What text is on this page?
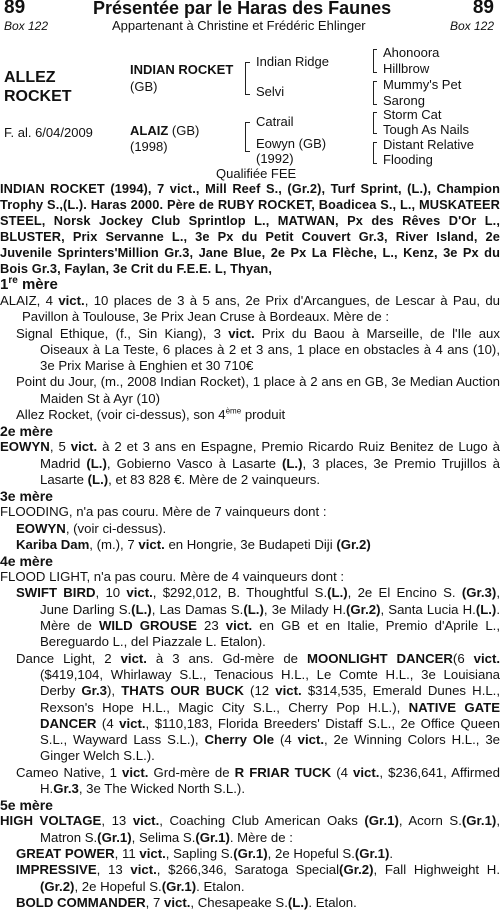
89	Présentée par le Haras des Faunes	89
Box 122	Appartenant à Christine et Frédéric Ehlinger	Box 122
ALLEZ
ROCKET
F. al. 6/04/2009
INDIAN ROCKET
(GB)
ALAIZ (GB)
(1998)
Indian Ridge
Selvi
Catrail
Eowyn (GB)
(1992)
Ahonoora
Hillbrow
Mummy's Pet
Sarong
Storm Cat
Tough As Nails
Distant Relative
Flooding
Qualifiée FEE
INDIAN ROCKET (1994), 7 vict., Mill Reef S., (Gr.2), Turf Sprint, (L.), Champion Trophy S.,(L.). Haras 2000. Père de RUBY ROCKET, Boadicea S., L., MUSKATEER STEEL, Norsk Jockey Club Sprintlop L., MATWAN, Px des Rêves D'Or L., BLUSTER, Prix Servanne L., 3e Px du Petit Couvert Gr.3, River Island, 2e Juvenile Sprinters'Million Gr.3, Jane Blue, 2e Px La Flèche, L., Kenz, 3e Px du Bois Gr.3, Faylan, 3e Crit du F.E.E. L, Thyan,
1re mère
ALAIZ, 4 vict., 10 places de 3 à 5 ans, 2e Prix d'Arcangues, de Lescar à Pau, du Pavillon à Toulouse, 3e Prix Jean Cruse à Bordeaux. Mère de :
Signal Ethique, (f., Sin Kiang), 3 vict. Prix du Baou à Marseille, de l'Ile aux Oiseaux à La Teste, 6 places à 2 et 3 ans, 1 place en obstacles à 4 ans (10), 3e Prix Marise à Enghien et 30 710€
Point du Jour, (m., 2008 Indian Rocket), 1 place à 2 ans en GB, 3e Median Auction Maiden St à Ayr (10)
Allez Rocket, (voir ci-dessus), son 4ème produit
2e mère
EOWYN, 5 vict. à 2 et 3 ans en Espagne, Premio Ricardo Ruiz Benitez de Lugo à Madrid (L.), Gobierno Vasco à Lasarte (L.), 3 places, 3e Premio Trujillos à Lasarte (L.), et 83 828 €. Mère de 2 vainqueurs.
3e mère
FLOODING, n'a pas couru. Mère de 7 vainqueurs dont :
EOWYN, (voir ci-dessus).
Kariba Dam, (m.), 7 vict. en Hongrie, 3e Budapeti Diji (Gr.2)
4e mère
FLOOD LIGHT, n'a pas couru. Mère de 4 vainqueurs dont :
SWIFT BIRD, 10 vict., $292,012, B. Thoughtful S.(L.), 2e El Encino S. (Gr.3), June Darling S.(L.), Las Damas S.(L.), 3e Milady H.(Gr.2), Santa Lucia H.(L.). Mère de WILD GROUSE 23 vict. en GB et en Italie, Premio d'Aprile L., Bereguardo L., del Piazzale L. Etalon).
Dance Light, 2 vict. à 3 ans. Gd-mère de MOONLIGHT DANCER(6 vict. ($419,104, Whirlaway S.L., Tenacious H.L., Le Comte H.L., 3e Louisiana Derby Gr.3), THATS OUR BUCK (12 vict. $314,535, Emerald Dunes H.L., Rexson's Hope H.L., Magic City S.L., Cherry Pop H.L.), NATIVE GATE DANCER (4 vict., $110,183, Florida Breeders' Distaff S.L., 2e Office Queen S.L., Wayward Lass S.L.), Cherry Ole (4 vict., 2e Winning Colors H.L., 3e Ginger Welch S.L.).
Cameo Native, 1 vict. Grd-mère de R FRIAR TUCK (4 vict., $236,641, Affirmed H.Gr.3, 3e The Wicked North S.L.).
5e mère
HIGH VOLTAGE, 13 vict., Coaching Club American Oaks (Gr.1), Acorn S.(Gr.1), Matron S.(Gr.1), Selima S.(Gr.1). Mère de :
GREAT POWER, 11 vict., Sapling S.(Gr.1), 2e Hopeful S.(Gr.1).
IMPRESSIVE, 13 vict., $266,346, Saratoga Special(Gr.2), Fall Highweight H.(Gr.2), 2e Hopeful S.(Gr.1). Etalon.
BOLD COMMANDER, 7 vict., Chesapeake S.(L.). Etalon.
